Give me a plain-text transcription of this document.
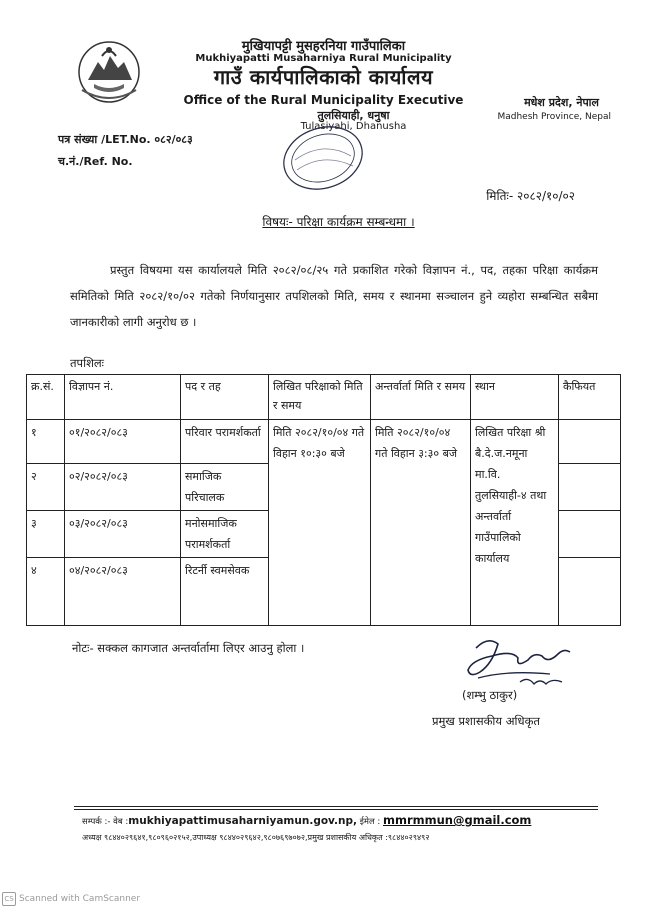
मुखियापट्टी मुसहरनिया गाउँपालिका
Mukhiyapatti Musaharniya Rural Municipality
गाउँ कार्यपालिकाको कार्यालय
Office of the Rural Municipality Executive
तुलसियाही, धनुषा
Tulasiyahi, Dhanusha
मधेश प्रदेश, नेपाल
Madhesh Province, Nepal
पत्र संख्या /LET.No. ०८२/०८३
च.नं./Ref. No.
मितिः- २०८२/१०/०२
विषयः- परिक्षा कार्यक्रम सम्बन्धमा ।
प्रस्तुत विषयमा यस कार्यालयले मिति २०८२/०८/२५ गते प्रकाशित गरेको विज्ञापन नं., पद, तहका परिक्षा कार्यक्रम समितिको मिति २०८२/१०/०२ गतेको निर्णयानुसार तपशिलको मिति, समय र स्थानमा सञ्चालन हुने व्यहोरा सम्बन्धित सबैमा जानकारीको लागी अनुरोध छ ।
तपशिलः
क्र.सं.	विज्ञापन नं.	पद र तह	लिखित परिक्षाको मिति र समय	अन्तर्वार्ता मिति र समय	स्थान	कैफियत
१	०१/२०८२/०८३	परिवार परामर्शकर्ता	मिति २०८२/१०/०४ गते विहान १०:३० बजे	मिति २०८२/१०/०४ गते विहान ३:३० बजे	लिखित परिक्षा श्री बै.दे.ज.नमूना मा.वि. तुलसियाही-४ तथा अन्तर्वार्ता गाउँपालिको कार्यालय	
२	०२/२०८२/०८३	समाजिक परिचालक				
३	०३/२०८२/०८३	मनोसमाजिक परामर्शकर्ता				
४	०४/२०८२/०८३	रिटर्नी स्वमसेवक				
नोटः- सक्कल कागजात अन्तर्वार्तामा लिएर आउनु होला ।
(शम्भु ठाकुर)
प्रमुख प्रशासकीय अधिकृत
सम्पर्क :- वेब :mukhiyapattimusaharniyamun.gov.np, ईमेल : mmrmmun@gmail.com
अध्यक्ष ९८४४०२९६४१,९८०९६०२१५२,उपाध्यक्ष ९८४४०२९६४२,९८०७६९७०७२,प्रमुख प्रशासकीय अधिकृत :९८४४०२९४९२
CS Scanned with CamScanner
